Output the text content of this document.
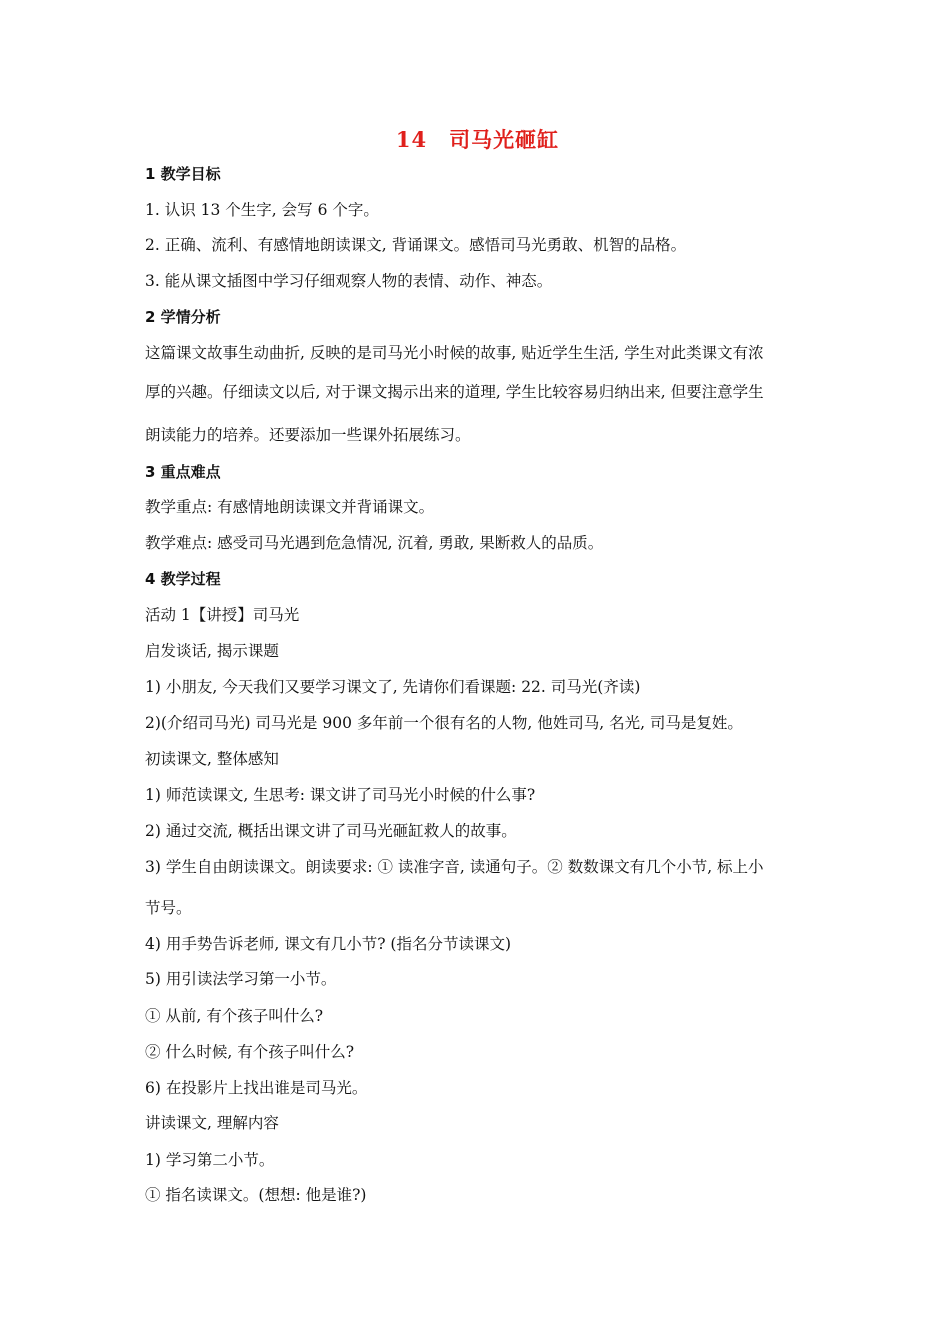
14　司马光砸缸
1 教学目标
1. 认识 13 个生字, 会写 6 个字。
2. 正确、流利、有感情地朗读课文, 背诵课文。感悟司马光勇敢、机智的品格。
3. 能从课文插图中学习仔细观察人物的表情、动作、神态。
2 学情分析
这篇课文故事生动曲折, 反映的是司马光小时候的故事, 贴近学生生活, 学生对此类课文有浓
厚的兴趣。仔细读文以后, 对于课文揭示出来的道理, 学生比较容易归纳出来, 但要注意学生
朗读能力的培养。还要添加一些课外拓展练习。
3 重点难点
教学重点: 有感情地朗读课文并背诵课文。
教学难点: 感受司马光遇到危急情况, 沉着, 勇敢, 果断救人的品质。
4 教学过程
活动 1【讲授】司马光
启发谈话, 揭示课题
1) 小朋友, 今天我们又要学习课文了, 先请你们看课题: 22. 司马光(齐读)
2)(介绍司马光) 司马光是 900 多年前一个很有名的人物, 他姓司马, 名光, 司马是复姓。
初读课文, 整体感知
1) 师范读课文, 生思考: 课文讲了司马光小时候的什么事?
2) 通过交流, 概括出课文讲了司马光砸缸救人的故事。
3) 学生自由朗读课文。朗读要求: ① 读准字音, 读通句子。② 数数课文有几个小节, 标上小
节号。
4) 用手势告诉老师, 课文有几小节? (指名分节读课文)
5) 用引读法学习第一小节。
① 从前, 有个孩子叫什么?
② 什么时候, 有个孩子叫什么?
6) 在投影片上找出谁是司马光。
讲读课文, 理解内容
1) 学习第二小节。
① 指名读课文。(想想: 他是谁?)
